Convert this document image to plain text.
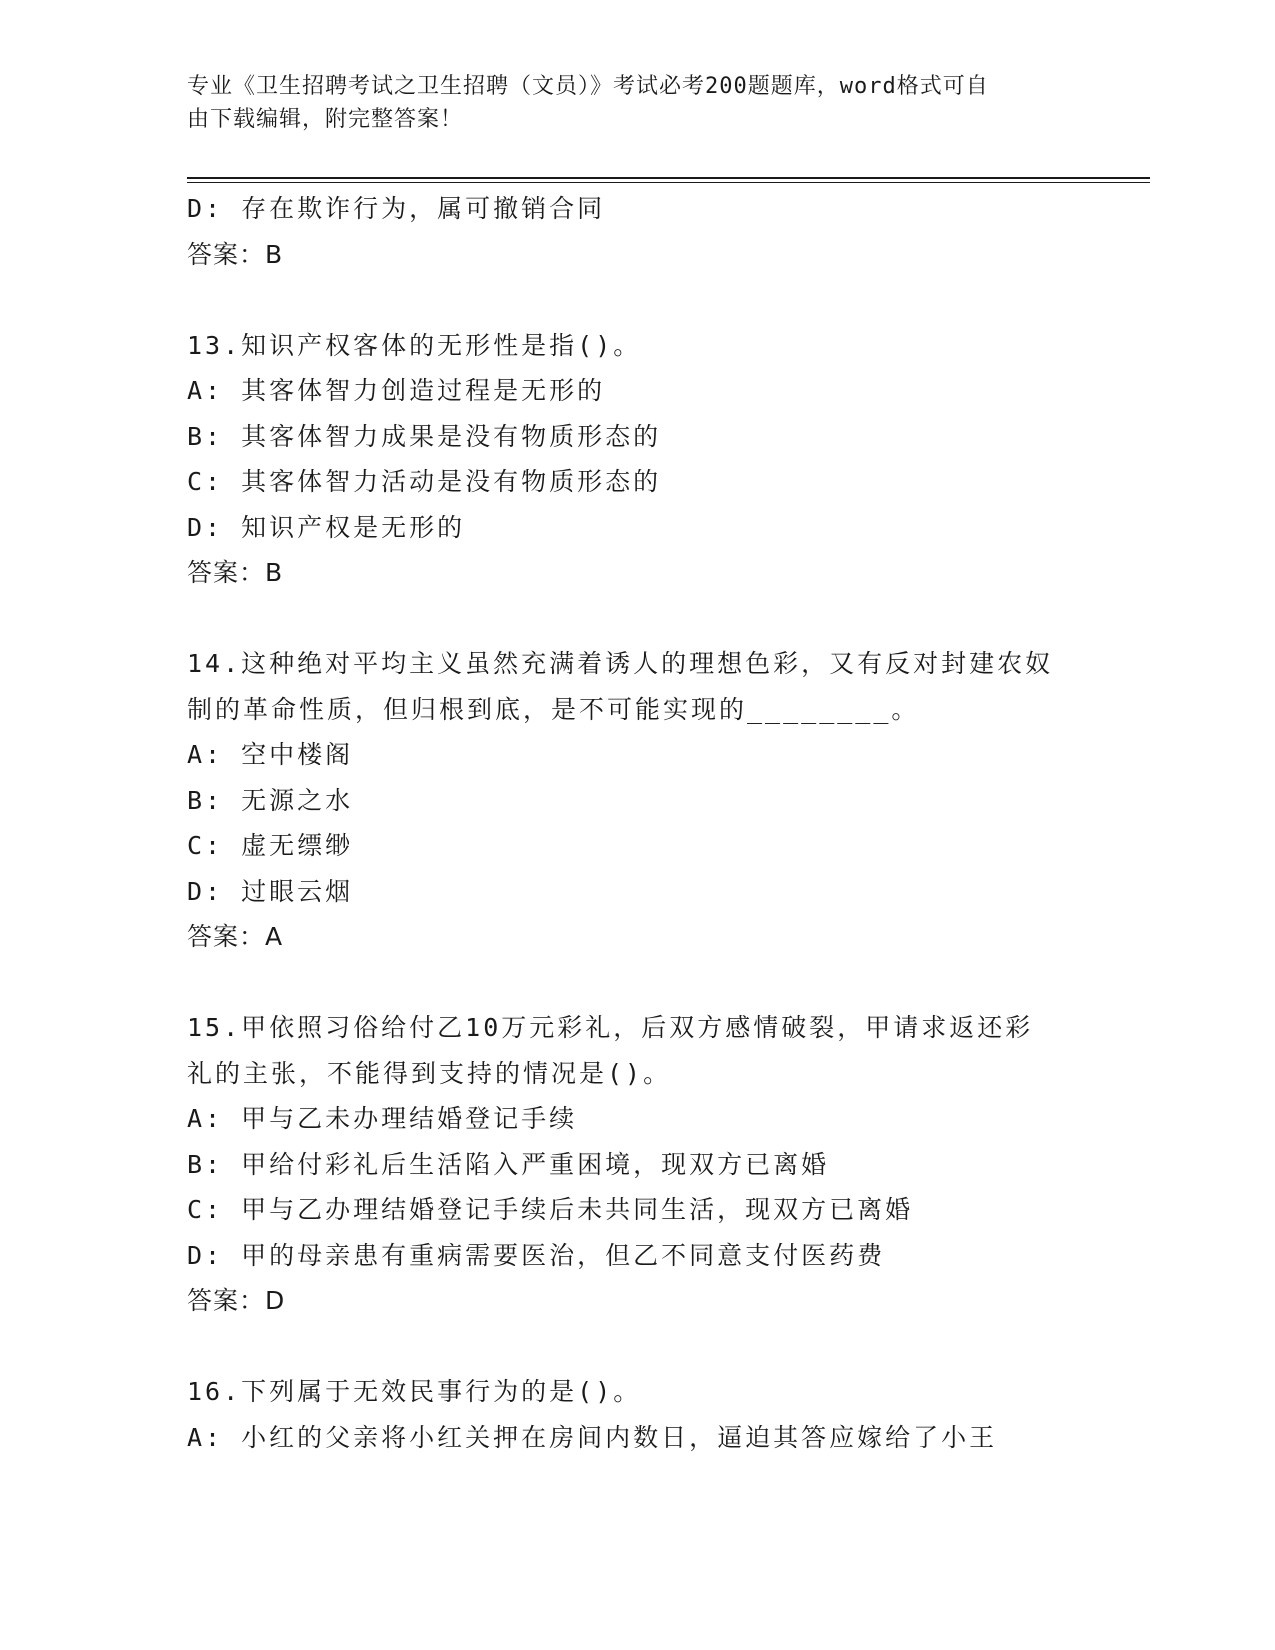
专业《卫生招聘考试之卫生招聘（文员）》考试必考200题题库，word格式可自
由下载编辑，附完整答案！
D: 存在欺诈行为，属可撤销合同
答案：B
13.知识产权客体的无形性是指()。
A: 其客体智力创造过程是无形的
B: 其客体智力成果是没有物质形态的
C: 其客体智力活动是没有物质形态的
D: 知识产权是无形的
答案：B
14.这种绝对平均主义虽然充满着诱人的理想色彩，又有反对封建农奴
制的革命性质，但归根到底，是不可能实现的________。
A: 空中楼阁
B: 无源之水
C: 虚无缥缈
D: 过眼云烟
答案：A
15.甲依照习俗给付乙10万元彩礼，后双方感情破裂，甲请求返还彩
礼的主张，不能得到支持的情况是()。
A: 甲与乙未办理结婚登记手续
B: 甲给付彩礼后生活陷入严重困境，现双方已离婚
C: 甲与乙办理结婚登记手续后未共同生活，现双方已离婚
D: 甲的母亲患有重病需要医治，但乙不同意支付医药费
答案：D
16.下列属于无效民事行为的是()。
A: 小红的父亲将小红关押在房间内数日，逼迫其答应嫁给了小王
